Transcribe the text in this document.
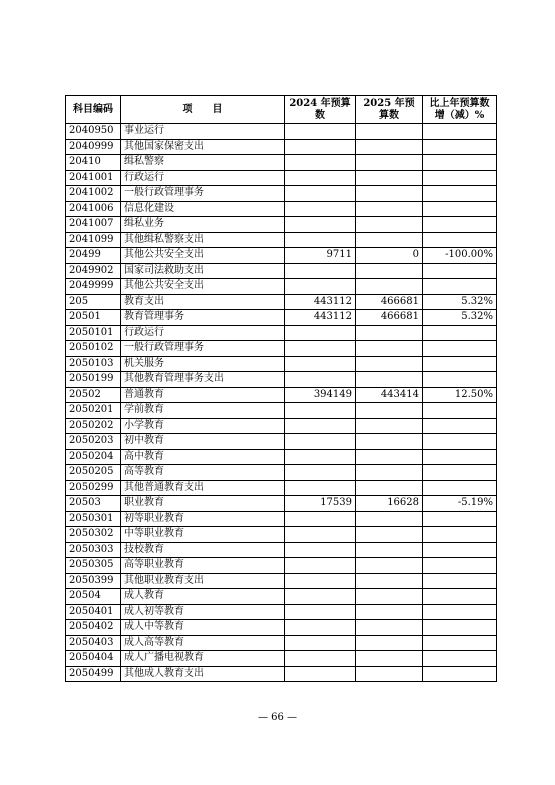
科目编码	项　　目	2024 年预算数	2025 年预算数	比上年预算数增（减）%
2040950	事业运行			
2040999	其他国家保密支出			
20410	缉私警察			
2041001	行政运行			
2041002	一般行政管理事务			
2041006	信息化建设			
2041007	缉私业务			
2041099	其他缉私警察支出			
20499	其他公共安全支出	9711	0	-100.00%
2049902	国家司法救助支出			
2049999	其他公共安全支出			
205	教育支出	443112	466681	5.32%
20501	教育管理事务	443112	466681	5.32%
2050101	行政运行			
2050102	一般行政管理事务			
2050103	机关服务			
2050199	其他教育管理事务支出			
20502	普通教育	394149	443414	12.50%
2050201	学前教育			
2050202	小学教育			
2050203	初中教育			
2050204	高中教育			
2050205	高等教育			
2050299	其他普通教育支出			
20503	职业教育	17539	16628	-5.19%
2050301	初等职业教育			
2050302	中等职业教育			
2050303	技校教育			
2050305	高等职业教育			
2050399	其他职业教育支出			
20504	成人教育			
2050401	成人初等教育			
2050402	成人中等教育			
2050403	成人高等教育			
2050404	成人广播电视教育			
2050499	其他成人教育支出			
— 66 —
